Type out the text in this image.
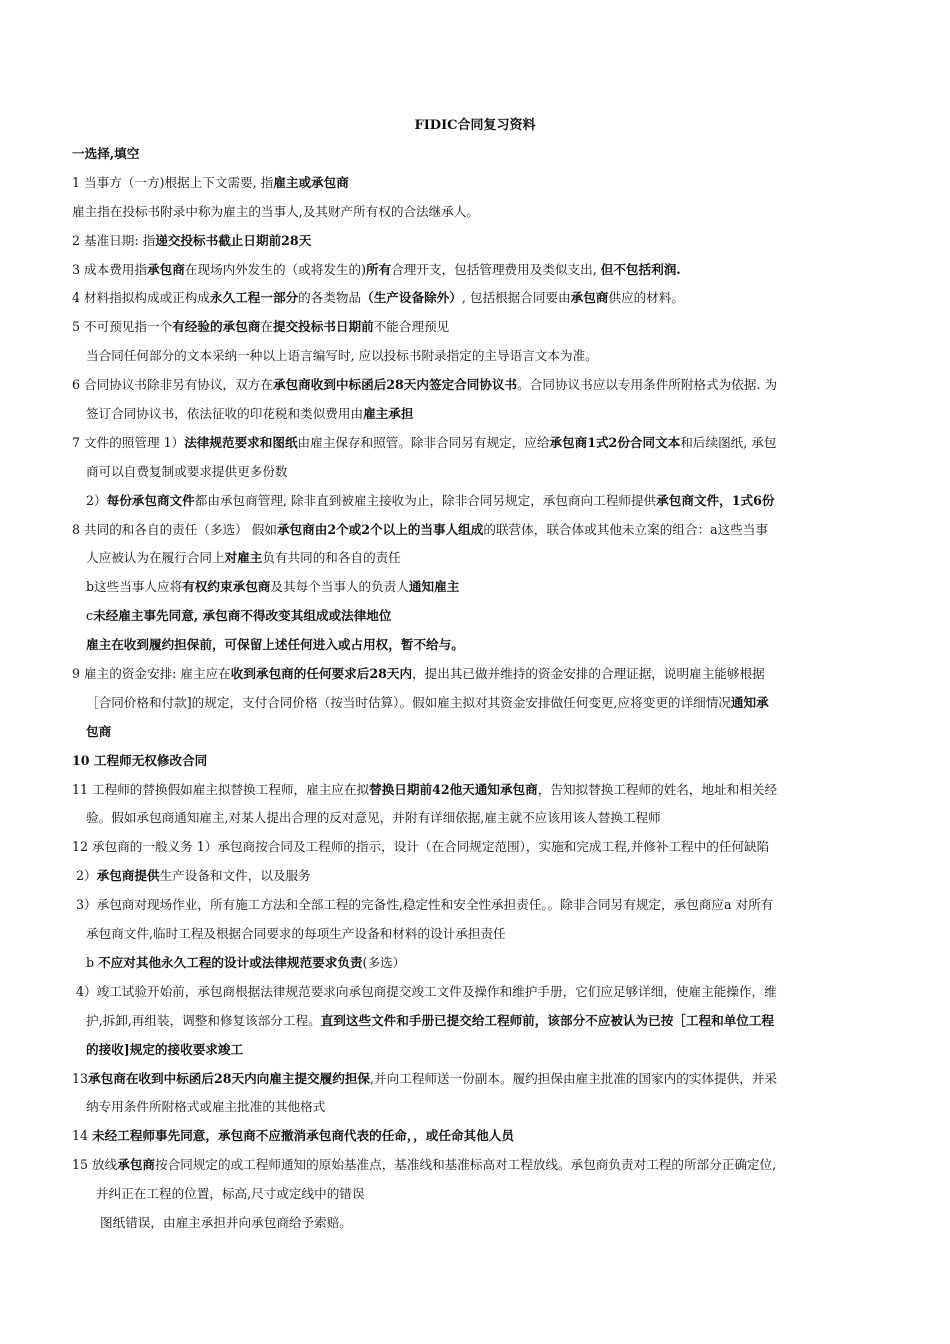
FIDIC合同复习资料
一选择,填空
1 当事方（一方)根据上下文需要, 指雇主或承包商
雇主指在投标书附录中称为雇主的当事人,及其财产所有权的合法继承人。
2 基准日期: 指递交投标书截止日期前28天
3 成本费用指承包商在现场内外发生的（或将发生的)所有合理开支，包括管理费用及类似支出, 但不包括利润.
4 材料指拟构成或正构成永久工程一部分的各类物品（生产设备除外）, 包括根据合同要由承包商供应的材料。
5 不可预见指一个有经验的承包商在提交投标书日期前不能合理预见
当合同任何部分的文本采纳一种以上语言编写时, 应以投标书附录指定的主导语言文本为准。
6 合同协议书除非另有协议，双方在承包商收到中标函后28天内签定合同协议书。合同协议书应以专用条件所附格式为依据. 为
签订合同协议书，依法征收的印花税和类似费用由雇主承担
7 文件的照管理 1）法律规范要求和图纸由雇主保存和照管。除非合同另有规定，应给承包商1式2份合同文本和后续图纸, 承包
商可以自费复制或要求提供更多份数
2）每份承包商文件都由承包商管理, 除非直到被雇主接收为止，除非合同另规定，承包商向工程师提供承包商文件，1式6份
8 共同的和各自的责任（多选） 假如承包商由2个或2个以上的当事人组成的联营体，联合体或其他未立案的组合：a这些当事
人应被认为在履行合同上对雇主负有共同的和各自的责任
b这些当事人应将有权约束承包商及其每个当事人的负责人通知雇主
c未经雇主事先同意, 承包商不得改变其组成或法律地位
雇主在收到履约担保前，可保留上述任何进入或占用权，暂不给与。
9 雇主的资金安排: 雇主应在收到承包商的任何要求后28天内，提出其已做并维持的资金安排的合理证据，说明雇主能够根据
［合同价格和付款]的规定，支付合同价格（按当时估算）。假如雇主拟对其资金安排做任何变更,应将变更的详细情况通知承
包商
10 工程师无权修改合同
11 工程师的替换假如雇主拟替换工程师，雇主应在拟替换日期前42他天通知承包商，告知拟替换工程师的姓名，地址和相关经
验。假如承包商通知雇主,对某人提出合理的反对意见，并附有详细依据,雇主就不应该用该人替换工程师
12 承包商的一般义务 1）承包商按合同及工程师的指示，设计（在合同规定范围），实施和完成工程,并修补工程中的任何缺陷
2）承包商提供生产设备和文件，以及服务
3）承包商对现场作业，所有施工方法和全部工程的完备性,稳定性和安全性承担责任。。除非合同另有规定，承包商应a 对所有
承包商文件,临时工程及根据合同要求的每项生产设备和材料的设计承担责任
b 不应对其他永久工程的设计或法律规范要求负责(多选）
4）竣工试验开始前，承包商根据法律规范要求向承包商提交竣工文件及操作和维护手册，它们应足够详细，使雇主能操作，维
护,拆卸,再组装，调整和修复该部分工程。直到这些文件和手册已提交给工程师前，该部分不应被认为已按［工程和单位工程
的接收]规定的接收要求竣工
13承包商在收到中标函后28天内向雇主提交履约担保,并向工程师送一份副本。履约担保由雇主批准的国家内的实体提供，并采
纳专用条件所附格式或雇主批准的其他格式
14 未经工程师事先同意，承包商不应撤消承包商代表的任命，，或任命其他人员
15 放线承包商按合同规定的或工程师通知的原始基准点，基准线和基准标高对工程放线。承包商负责对工程的所部分正确定位,
并纠正在工程的位置，标高,尺寸或定线中的错误
图纸错误，由雇主承担并向承包商给予索赔。
